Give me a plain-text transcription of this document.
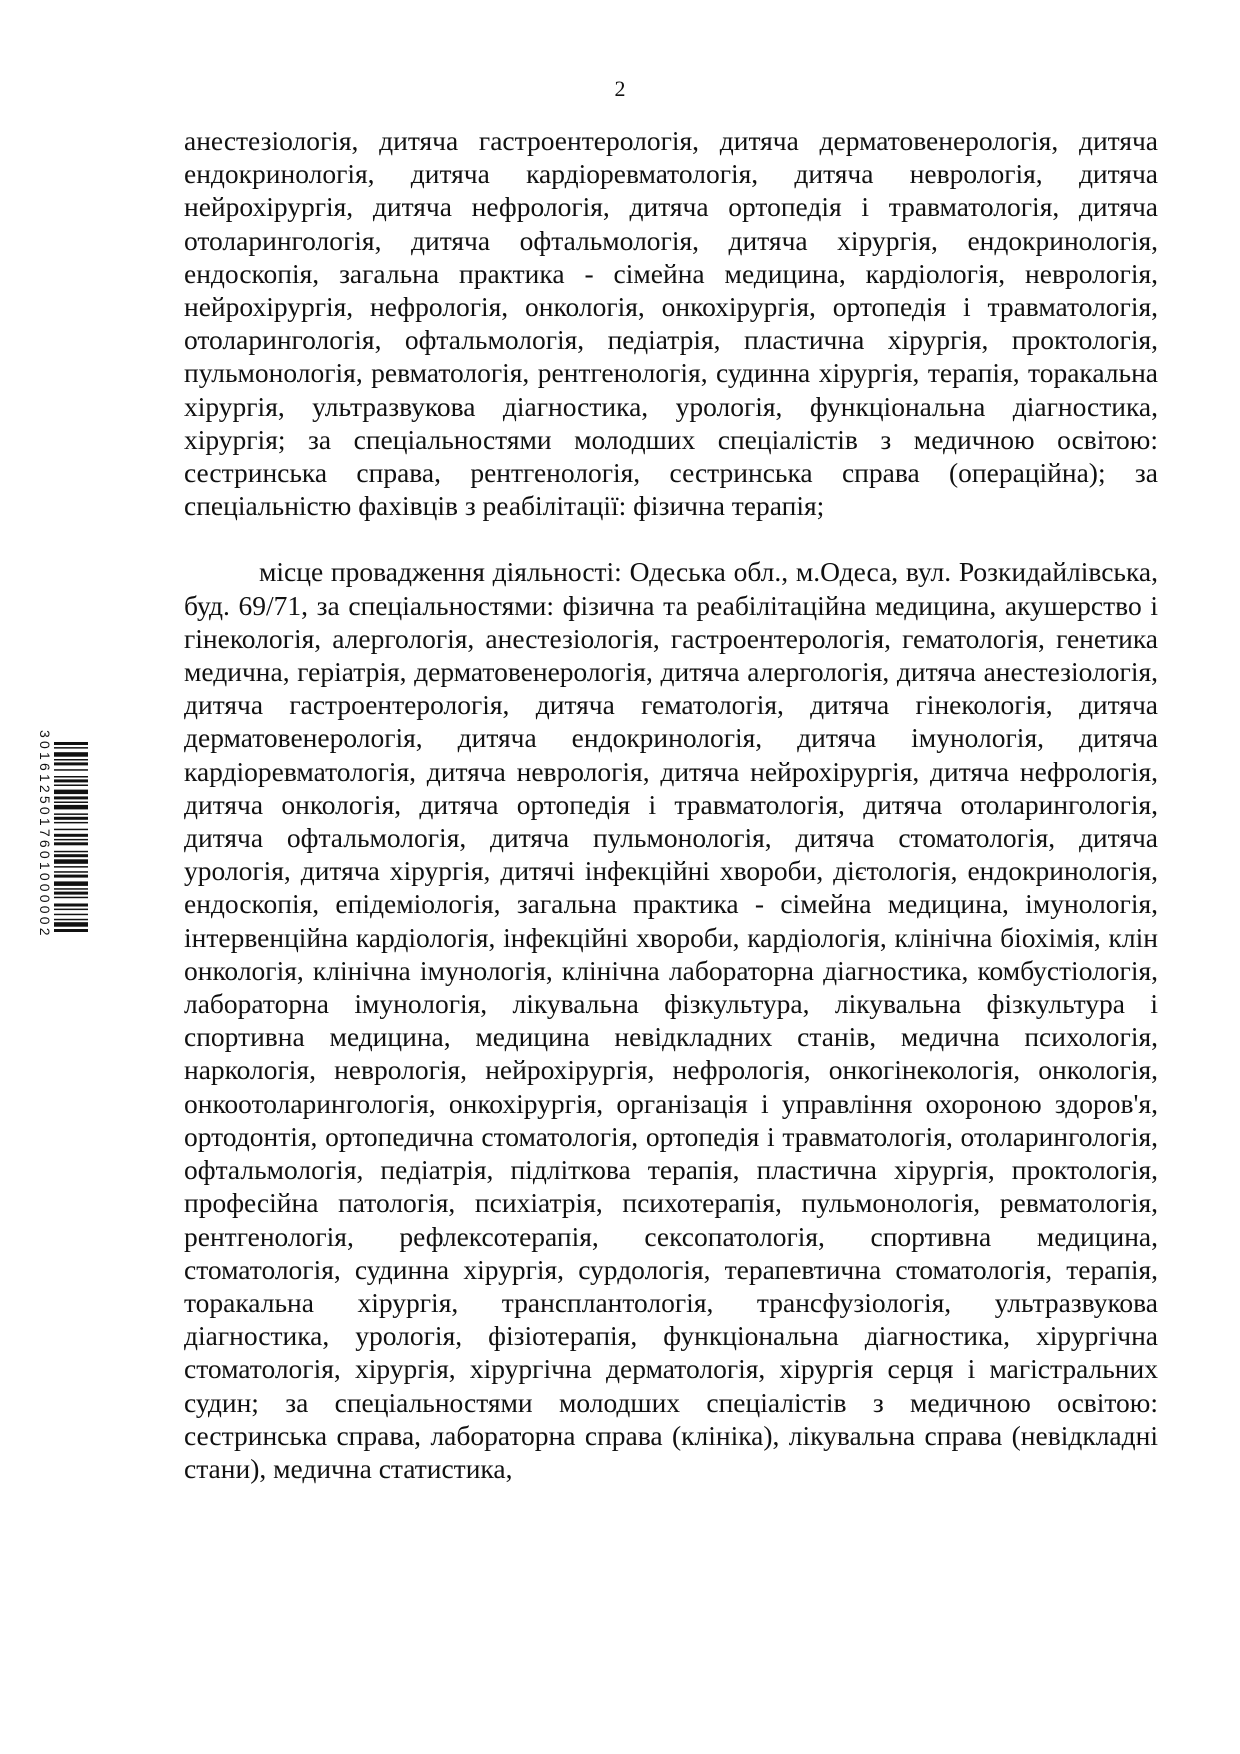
2
3016125017601000002

анестезіологія, дитяча гастроентерологія, дитяча дерматовенерологія, дитяча ендокринологія, дитяча кардіоревматологія, дитяча неврологія, дитяча нейрохірургія, дитяча нефрологія, дитяча ортопедія і травматологія, дитяча отоларингологія, дитяча офтальмологія, дитяча хірургія, ендокринологія, ендоскопія, загальна практика - сімейна медицина, кардіологія, неврологія, нейрохірургія, нефрологія, онкологія, онкохірургія, ортопедія і травматологія, отоларингологія, офтальмологія, педіатрія, пластична хірургія, проктологія, пульмонологія, ревматологія, рентгенологія, судинна хірургія, терапія, торакальна хірургія, ультразвукова діагностика, урологія, функціональна діагностика, хірургія; за спеціальностями молодших спеціалістів з медичною освітою: сестринська справа, рентгенологія, сестринська справа (операційна); за спеціальністю фахівців з реабілітації: фізична терапія;

місце провадження діяльності: Одеська обл., м.Одеса, вул. Розкидайлівська, буд. 69/71, за спеціальностями: фізична та реабілітаційна медицина, акушерство і гінекологія, алергологія, анестезіологія, гастроентерологія, гематологія, генетика медична, геріатрія, дерматовенерологія, дитяча алергологія, дитяча анестезіологія, дитяча гастроентерологія, дитяча гематологія, дитяча гінекологія, дитяча дерматовенерологія, дитяча ендокринологія, дитяча імунологія, дитяча кардіоревматологія, дитяча неврологія, дитяча нейрохірургія, дитяча нефрологія, дитяча онкологія, дитяча ортопедія і травматологія, дитяча отоларингологія, дитяча офтальмологія, дитяча пульмонологія, дитяча стоматологія, дитяча урологія, дитяча хірургія, дитячі інфекційні хвороби, дієтологія, ендокринологія, ендоскопія, епідеміологія, загальна практика - сімейна медицина, імунологія, інтервенційна кардіологія, інфекційні хвороби, кардіологія, клінічна біохімія, клін онкологія, клінічна імунологія, клінічна лабораторна діагностика, комбустіологія, лабораторна імунологія, лікувальна фізкультура, лікувальна фізкультура і спортивна медицина, медицина невідкладних станів, медична психологія, наркологія, неврологія, нейрохірургія, нефрологія, онкогінекологія, онкологія, онкоотоларингологія, онкохірургія, організація і управління охороною здоров'я, ортодонтія, ортопедична стоматологія, ортопедія і травматологія, отоларингологія, офтальмологія, педіатрія, підліткова терапія, пластична хірургія, проктологія, професійна патологія, психіатрія, психотерапія, пульмонологія, ревматологія, рентгенологія, рефлексотерапія, сексопатологія, спортивна медицина, стоматологія, судинна хірургія, сурдологія, терапевтична стоматологія, терапія, торакальна хірургія, трансплантологія, трансфузіологія, ультразвукова діагностика, урологія, фізіотерапія, функціональна діагностика, хірургічна стоматологія, хірургія, хірургічна дерматологія, хірургія серця і магістральних судин; за спеціальностями молодших спеціалістів з медичною освітою: сестринська справа, лабораторна справа (клініка), лікувальна справа (невідкладні стани), медична статистика,
